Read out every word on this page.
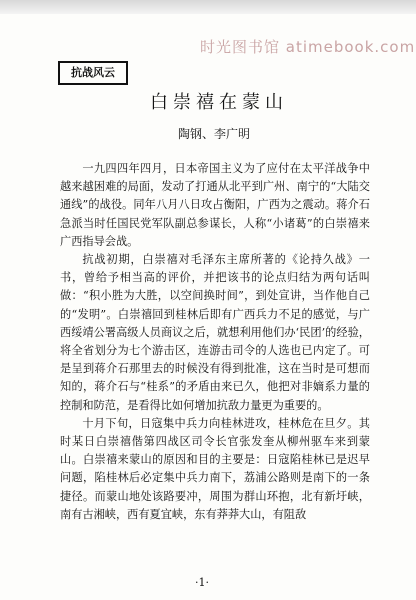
时光图书馆 atimebook.com
抗战风云
白崇禧在蒙山
陶钢、李广明

一九四四年四月，日本帝国主义为了应付在太平洋战争中越来越困难的局面，发动了打通从北平到广州、南宁的“大陆交通线”的战役。同年八月八日攻占衡阳，广西为之震动。蒋介石急派当时任国民党军队副总参谋长，人称“小诸葛”的白崇禧来广西指导会战。

抗战初期，白崇禧对毛泽东主席所著的《论持久战》一书，曾给予相当高的评价，并把该书的论点归结为两句话叫做：“积小胜为大胜，以空间换时间”，到处宣讲，当作他自己的“发明”。白崇禧回到桂林后即有广西兵力不足的感觉，与广西绥靖公署高级人员商议之后，就想利用他们办‘民团’的经验，将全省划分为七个游击区，连游击司令的人选也已内定了。可是呈到蒋介石那里去的时候没有得到批准，这在当时是可想而知的，蒋介石与“桂系”的矛盾由来已久，他把对非嫡系力量的控制和防范，是看得比如何增加抗敌力量更为重要的。

十月下旬，日寇集中兵力向桂林进攻，桂林危在旦夕。其时某日白崇禧偕第四战区司令长官张发奎从柳州驱车来到蒙山。白崇禧来蒙山的原因和目的主要是：日寇陷桂林已是迟早问题，陷桂林后必定集中兵力南下，荔浦公路则是南下的一条捷径。而蒙山地处该路要冲，周围为群山环抱，北有新圩峡，南有古湘峡，西有夏宜峡，东有莽莽大山，有阻敌

·1·
